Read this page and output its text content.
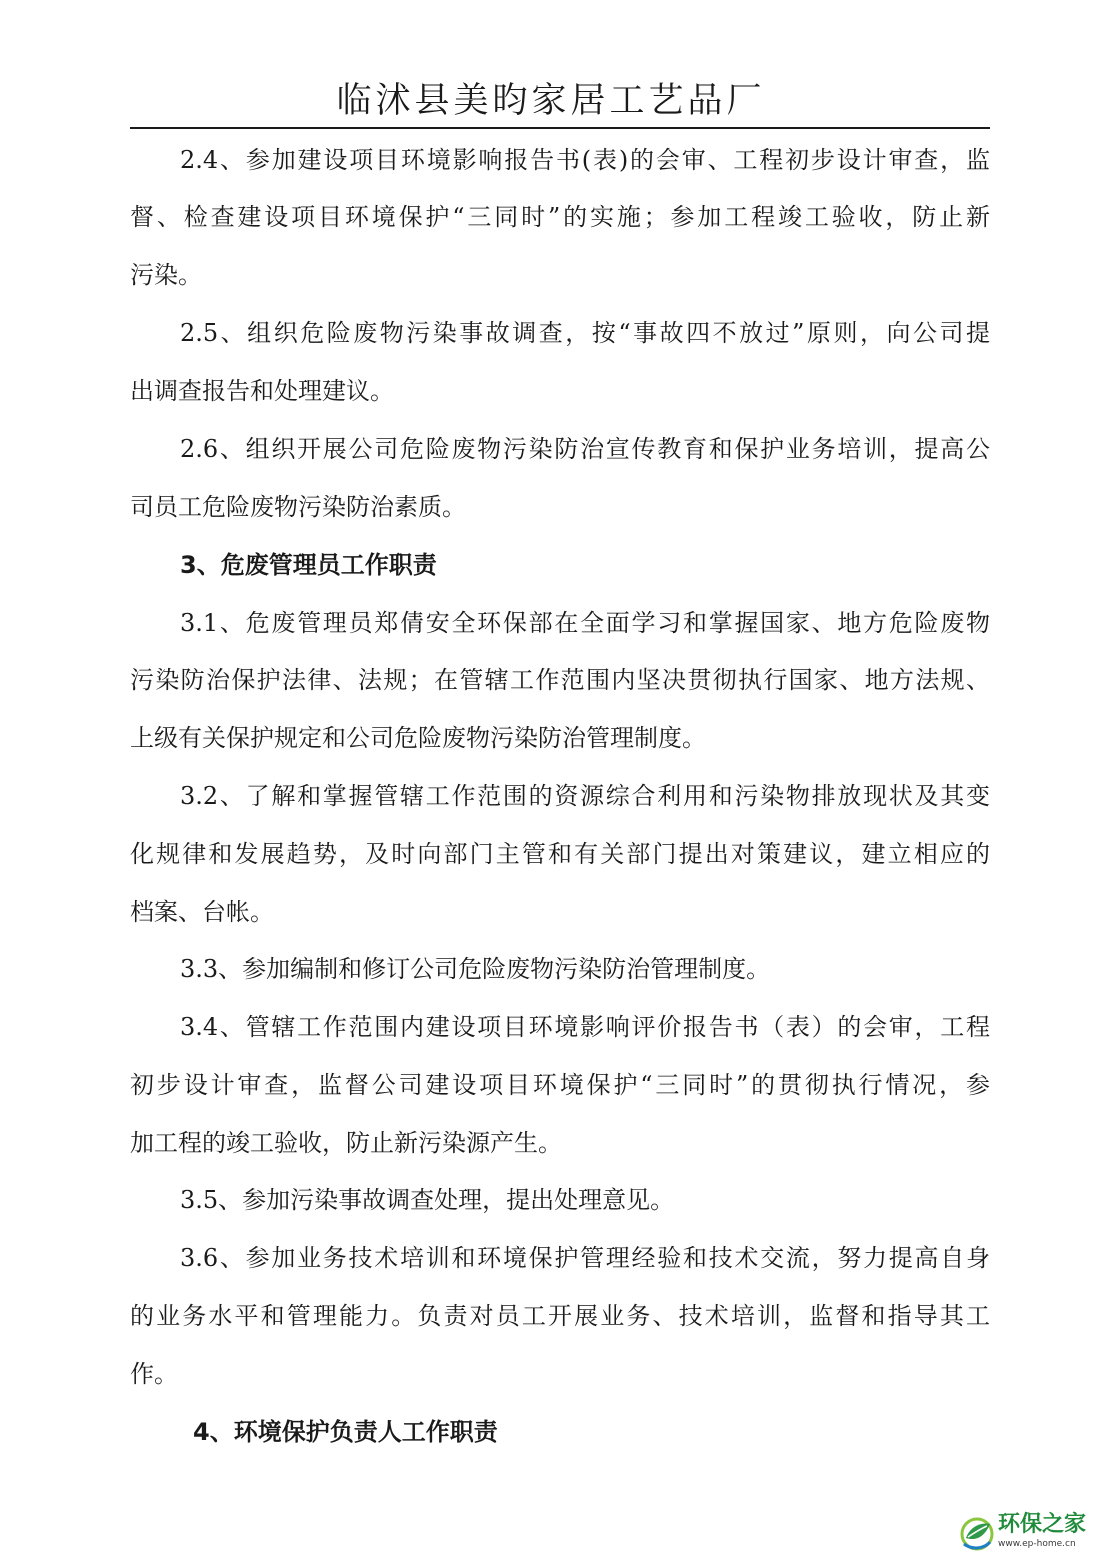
临沭县美昀家居工艺品厂
2.4、参加建设项目环境影响报告书(表)的会审、工程初步设计审查，监
督、检查建设项目环境保护“三同时”的实施；参加工程竣工验收，防止新
污染。
2.5、组织危险废物污染事故调查，按“事故四不放过”原则，向公司提
出调查报告和处理建议。
2.6、组织开展公司危险废物污染防治宣传教育和保护业务培训，提高公
司员工危险废物污染防治素质。
3、危废管理员工作职责
3.1、危废管理员郑倩安全环保部在全面学习和掌握国家、地方危险废物
污染防治保护法律、法规；在管辖工作范围内坚决贯彻执行国家、地方法规、
上级有关保护规定和公司危险废物污染防治管理制度。
3.2、了解和掌握管辖工作范围的资源综合利用和污染物排放现状及其变
化规律和发展趋势，及时向部门主管和有关部门提出对策建议，建立相应的
档案、台帐。
3.3、参加编制和修订公司危险废物污染防治管理制度。
3.4、管辖工作范围内建设项目环境影响评价报告书（表）的会审，工程
初步设计审查，监督公司建设项目环境保护“三同时”的贯彻执行情况，参
加工程的竣工验收，防止新污染源产生。
3.5、参加污染事故调查处理，提出处理意见。
3.6、参加业务技术培训和环境保护管理经验和技术交流，努力提高自身
的业务水平和管理能力。负责对员工开展业务、技术培训，监督和指导其工
作。
4、环境保护负责人工作职责
环保之家
www.ep-home.cn
